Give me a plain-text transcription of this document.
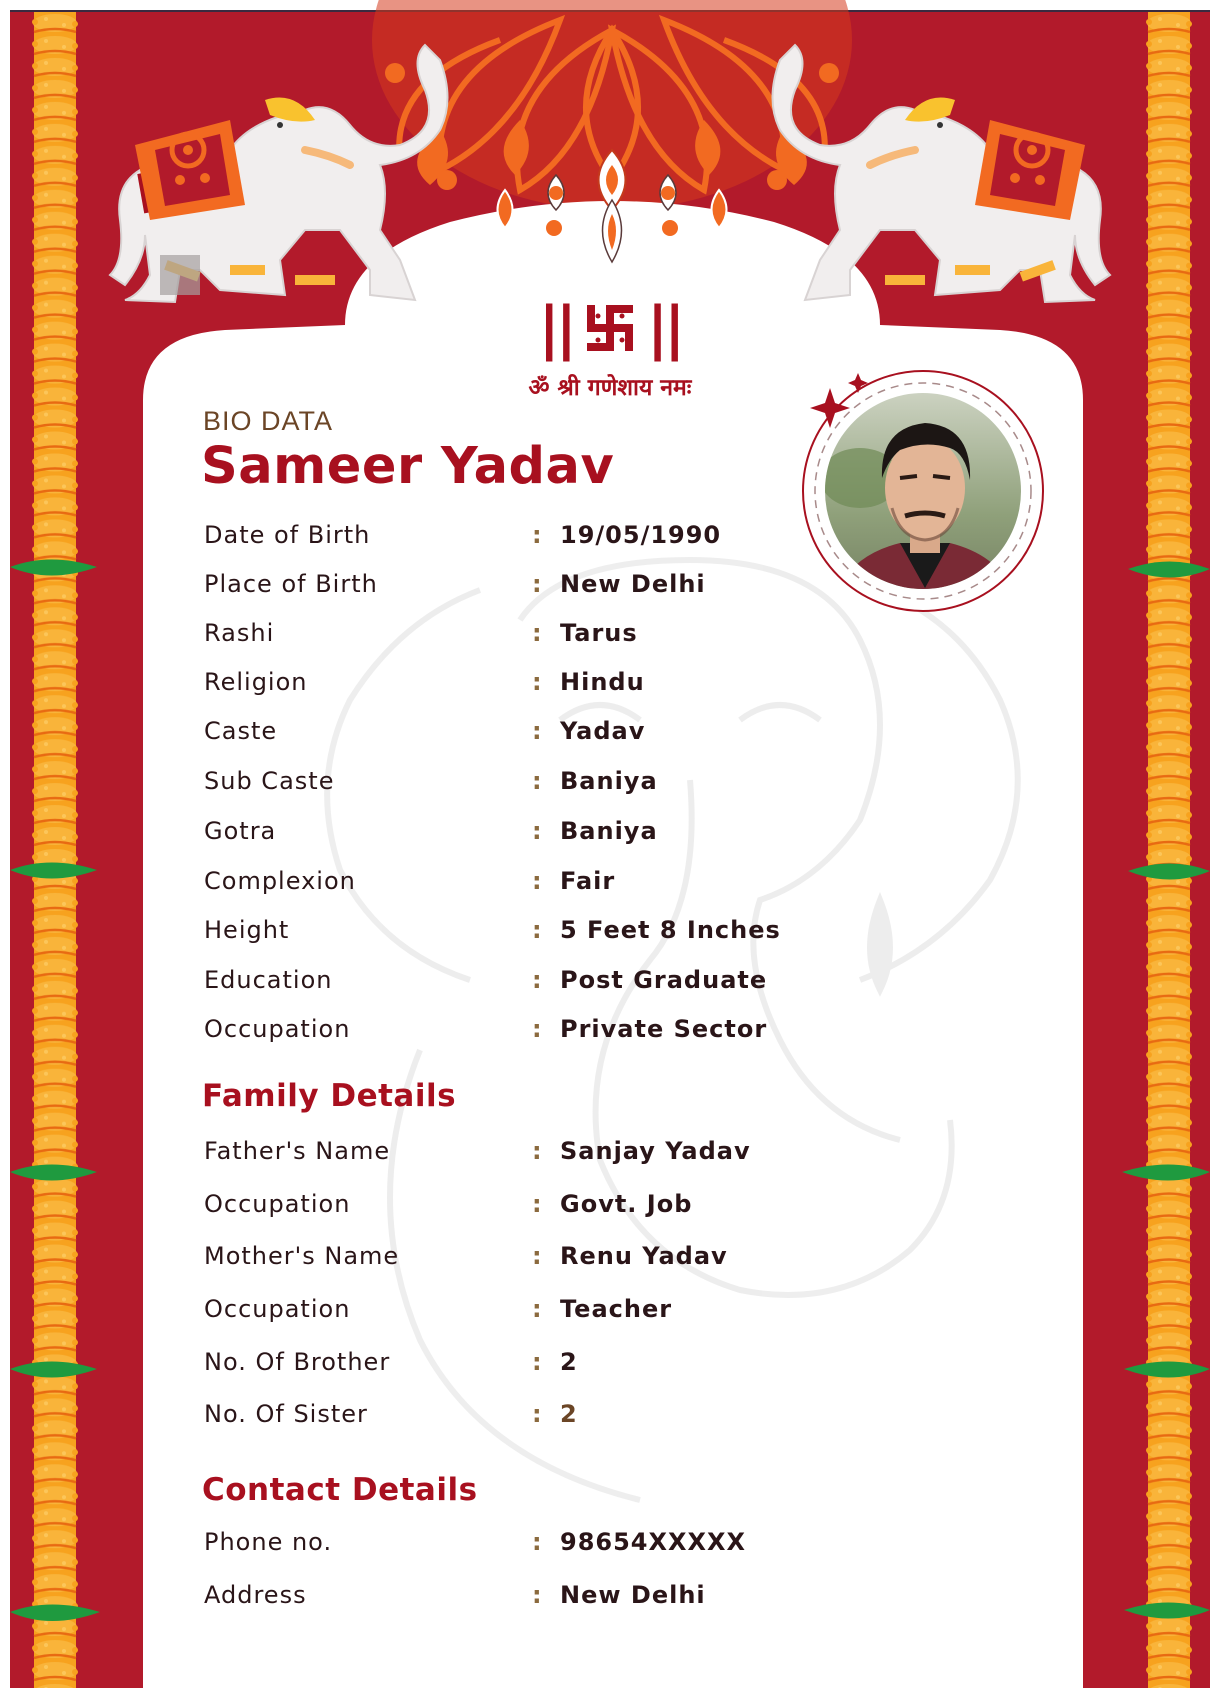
|| ||
ॐ श्री गणेशाय नमः
BIO DATA
Sameer Yadav
Date of Birth	: 19/05/1990
Place of Birth	: New Delhi
Rashi	: Tarus
Religion	: Hindu
Caste	: Yadav
Sub Caste	: Baniya
Gotra	: Baniya
Complexion	: Fair
Height	: 5 Feet 8 Inches
Education	: Post Graduate
Occupation	: Private Sector
Family Details
Father's Name	: Sanjay Yadav
Occupation	: Govt. Job
Mother's Name	: Renu Yadav
Occupation	: Teacher
No. Of Brother	: 2
No. Of Sister	: 2
Contact Details
Phone no.	: 98654XXXXX
Address	: New Delhi
